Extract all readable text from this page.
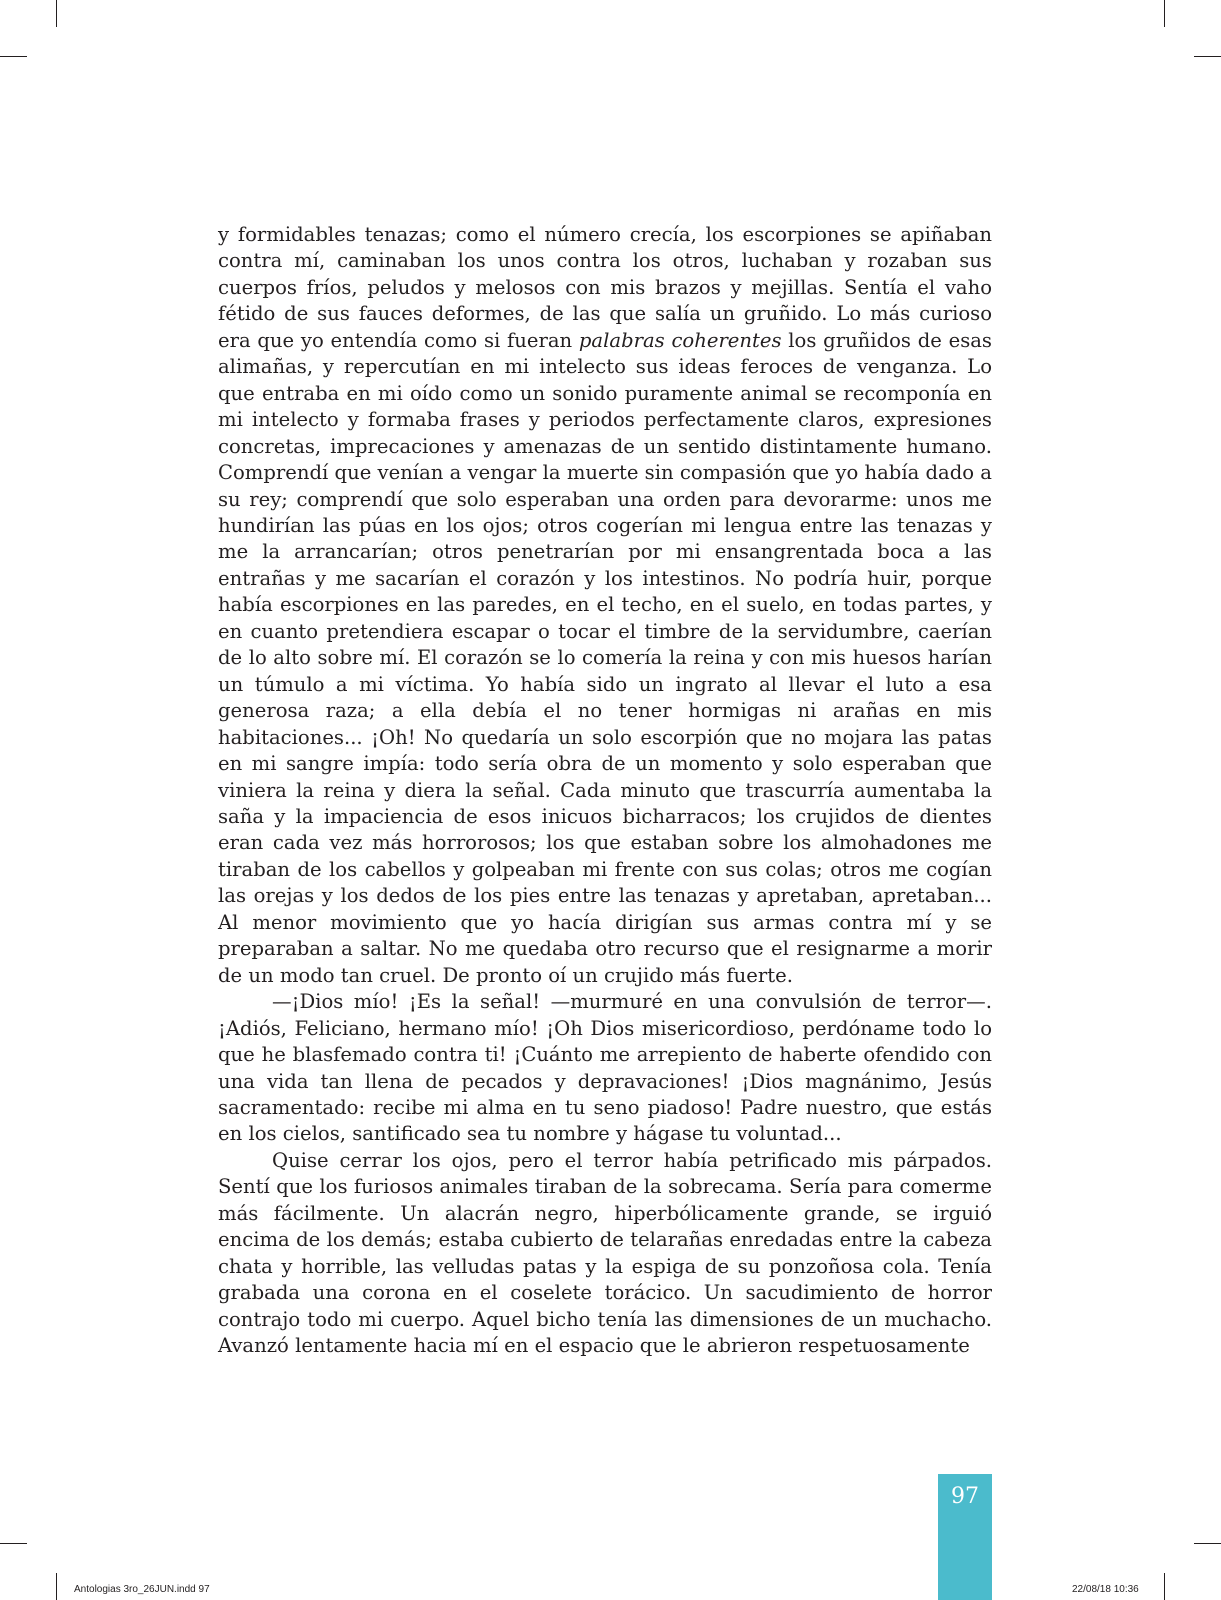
y formidables tenazas; como el número crecía, los escorpiones se apiñaban contra mí, caminaban los unos contra los otros, luchaban y rozaban sus cuerpos fríos, peludos y melosos con mis brazos y mejillas. Sentía el vaho fétido de sus fauces deformes, de las que salía un gruñido. Lo más curioso era que yo entendía como si fueran palabras coherentes los gruñidos de esas alimañas, y repercutían en mi intelecto sus ideas feroces de venganza. Lo que entraba en mi oído como un sonido puramente animal se recomponía en mi intelecto y formaba frases y periodos perfectamente claros, expresiones concretas, imprecaciones y amenazas de un sentido distintamente humano. Comprendí que venían a vengar la muerte sin compasión que yo había dado a su rey; comprendí que solo esperaban una orden para devorarme: unos me hundirían las púas en los ojos; otros cogerían mi lengua entre las tenazas y me la arrancarían; otros penetrarían por mi ensangrentada boca a las entrañas y me sacarían el corazón y los intestinos. No podría huir, porque había escorpiones en las paredes, en el techo, en el suelo, en todas partes, y en cuanto pretendiera escapar o tocar el timbre de la servidumbre, caerían de lo alto sobre mí. El corazón se lo comería la reina y con mis huesos harían un túmulo a mi víctima. Yo había sido un ingrato al llevar el luto a esa generosa raza; a ella debía el no tener hormigas ni arañas en mis habitaciones... ¡Oh! No quedaría un solo escorpión que no mojara las patas en mi sangre impía: todo sería obra de un momento y solo esperaban que viniera la reina y diera la señal. Cada minuto que trascurría aumentaba la saña y la impaciencia de esos inicuos bicharracos; los crujidos de dientes eran cada vez más horrorosos; los que estaban sobre los almohadones me tiraban de los cabellos y golpeaban mi frente con sus colas; otros me cogían las orejas y los dedos de los pies entre las tenazas y apretaban, apretaban... Al menor movimiento que yo hacía dirigían sus armas contra mí y se preparaban a saltar. No me quedaba otro recurso que el resignarme a morir de un modo tan cruel. De pronto oí un crujido más fuerte.

—¡Dios mío! ¡Es la señal! —murmuré en una convulsión de terror—. ¡Adiós, Feliciano, hermano mío! ¡Oh Dios misericordioso, perdóname todo lo que he blasfemado contra ti! ¡Cuánto me arrepiento de haberte ofendido con una vida tan llena de pecados y depravaciones! ¡Dios magnánimo, Jesús sacramentado: recibe mi alma en tu seno piadoso! Padre nuestro, que estás en los cielos, santificado sea tu nombre y hágase tu voluntad...

Quise cerrar los ojos, pero el terror había petrificado mis párpados. Sentí que los furiosos animales tiraban de la sobrecama. Sería para comerme más fácilmente. Un alacrán negro, hiperbólicamente grande, se irguió encima de los demás; estaba cubierto de telarañas enredadas entre la cabeza chata y horrible, las velludas patas y la espiga de su ponzoñosa cola. Tenía grabada una corona en el coselete torácico. Un sacudimiento de horror contrajo todo mi cuerpo. Aquel bicho tenía las dimensiones de un muchacho. Avanzó lentamente hacia mí en el espacio que le abrieron respetuosamente

97
Antologias 3ro_26JUN.indd 97	22/08/18 10:36
